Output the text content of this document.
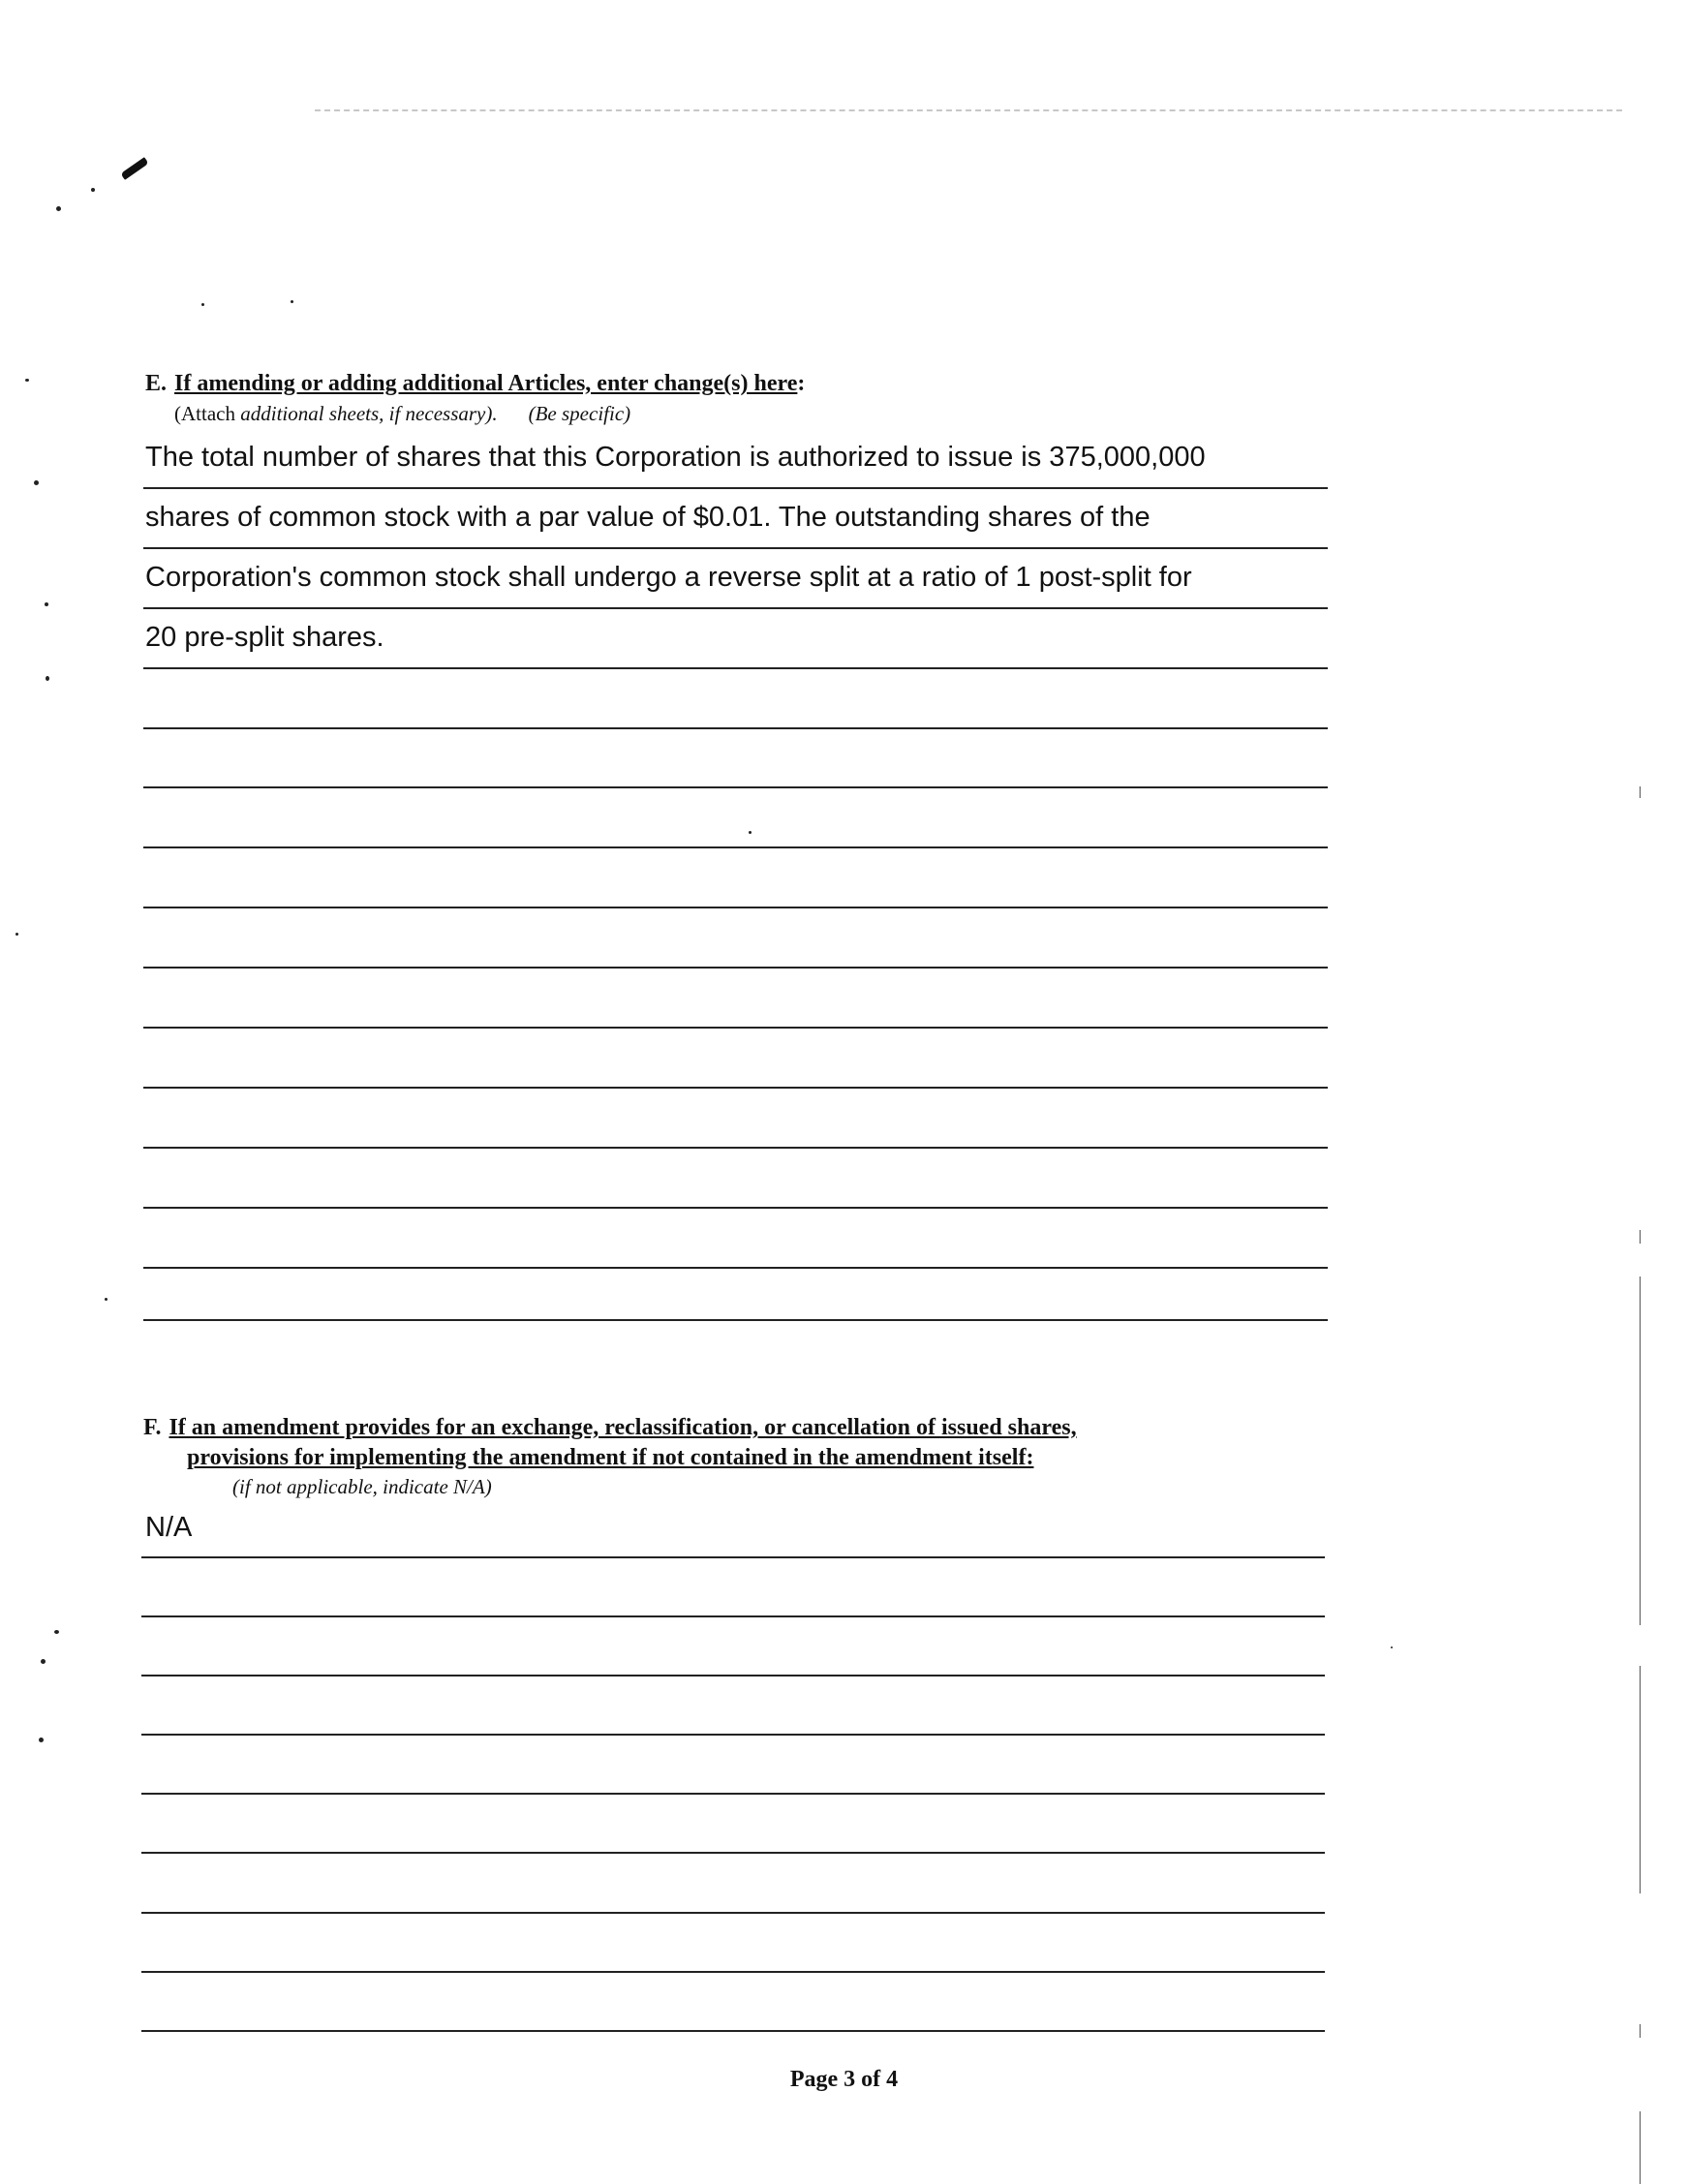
E. If amending or adding additional Articles, enter change(s) here:
(Attach additional sheets, if necessary). (Be specific)
The total number of shares that this Corporation is authorized to issue is 375,000,000
shares of common stock with a par value of $0.01. The outstanding shares of the
Corporation's common stock shall undergo a reverse split at a ratio of 1 post-split for
20 pre-split shares.
F. If an amendment provides for an exchange, reclassification, or cancellation of issued shares,
provisions for implementing the amendment if not contained in the amendment itself:
(if not applicable, indicate N/A)
N/A
Page 3 of 4
